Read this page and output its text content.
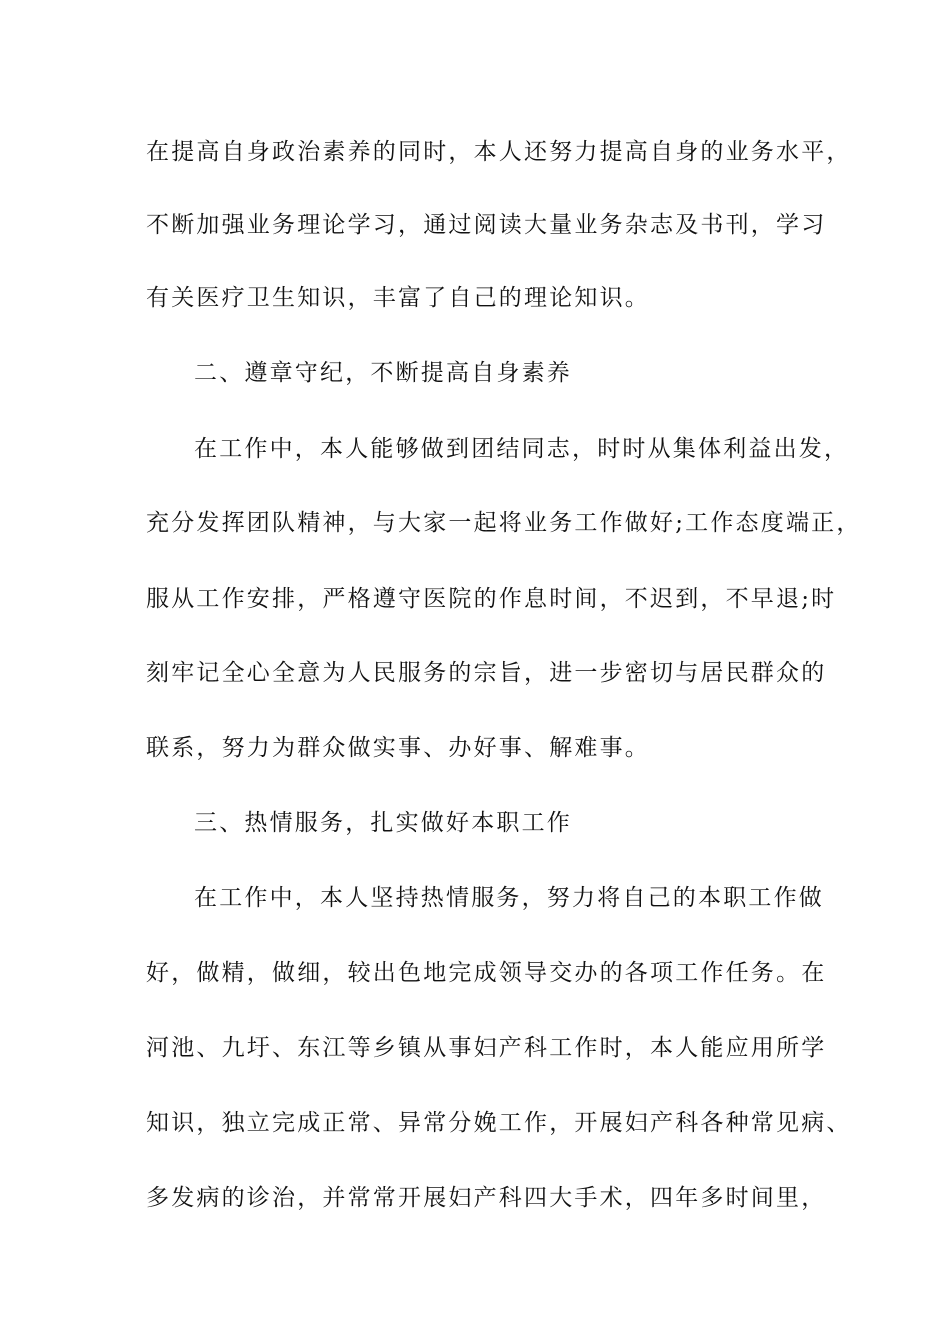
在提高自身政治素养的同时，本人还努力提高自身的业务水平，
不断加强业务理论学习，通过阅读大量业务杂志及书刊，学习
有关医疗卫生知识，丰富了自己的理论知识。
二、遵章守纪，不断提高自身素养
在工作中，本人能够做到团结同志，时时从集体利益出发，
充分发挥团队精神，与大家一起将业务工作做好;工作态度端正，
服从工作安排，严格遵守医院的作息时间，不迟到，不早退;时
刻牢记全心全意为人民服务的宗旨，进一步密切与居民群众的
联系，努力为群众做实事、办好事、解难事。
三、热情服务，扎实做好本职工作
在工作中，本人坚持热情服务，努力将自己的本职工作做
好，做精，做细，较出色地完成领导交办的各项工作任务。在
河池、九圩、东江等乡镇从事妇产科工作时，本人能应用所学
知识，独立完成正常、异常分娩工作，开展妇产科各种常见病、
多发病的诊治，并常常开展妇产科四大手术，四年多时间里，
